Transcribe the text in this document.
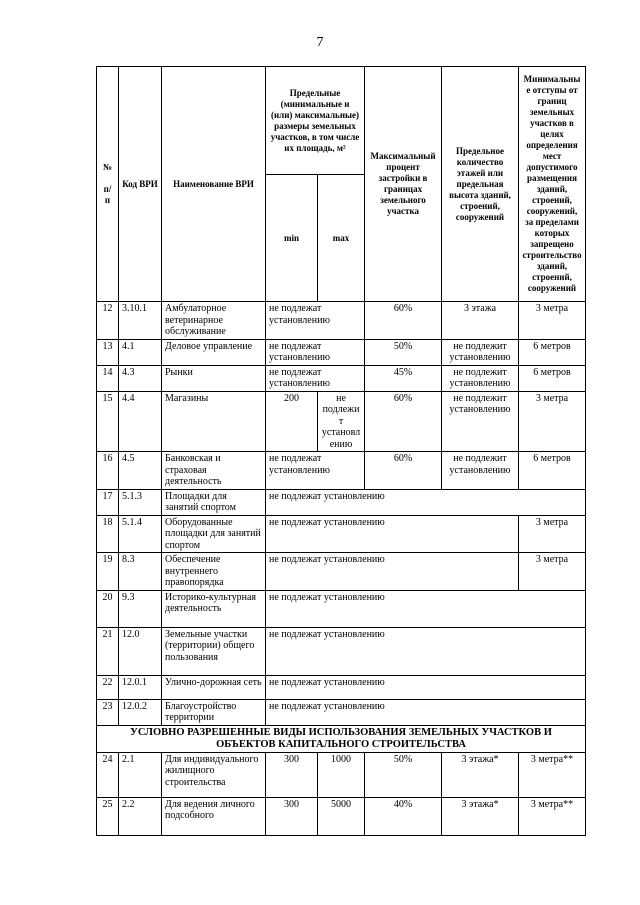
7
№

п/
п	Код ВРИ	Наименование ВРИ	Предельные (минимальные и (или) максимальные) размеры земельных участков, в том числе их площадь, м²		Максимальный процент застройки в границах земельного участка	Предельное количество этажей или предельная высота зданий, строений, сооружений	Минимальные отступы от границ земельных участков в целях определения мест допустимого размещения зданий, строений, сооружений, за пределами которых запрещено строительство зданий, строений, сооружений
			min	max			
12	3.10.1	Амбулаторное ветеринарное обслуживание	не подлежат установлению		60%	3 этажа	3 метра
13	4.1	Деловое управление	не подлежат установлению		50%	не подлежит установлению	6 метров
14	4.3	Рынки	не подлежат установлению		45%	не подлежит установлению	6 метров
15	4.4	Магазины	200	не подлежит установлению	60%	не подлежит установлению	3 метра
16	4.5	Банковская и страховая деятельность	не подлежат установлению		60%	не подлежит установлению	6 метров
17	5.1.3	Площадки для занятий спортом	не подлежат установлению				
18	5.1.4	Оборудованные площадки для занятий спортом	не подлежат установлению				3 метра
19	8.3	Обеспечение внутреннего правопорядка	не подлежат установлению				3 метра
20	9.3	Историко-культурная деятельность	не подлежат установлению				
21	12.0	Земельные участки (территории) общего пользования	не подлежат установлению				
22	12.0.1	Улично-дорожная сеть	не подлежат установлению				
23	12.0.2	Благоустройство территории	не подлежат установлению				
УСЛОВНО РАЗРЕШЕННЫЕ ВИДЫ ИСПОЛЬЗОВАНИЯ ЗЕМЕЛЬНЫХ УЧАСТКОВ И ОБЪЕКТОВ КАПИТАЛЬНОГО СТРОИТЕЛЬСТВА							
24	2.1	Для индивидуального жилищного строительства	300	1000	50%	3 этажа*	3 метра**
25	2.2	Для ведения личного подсобного	300	5000	40%	3 этажа*	3 метра**
